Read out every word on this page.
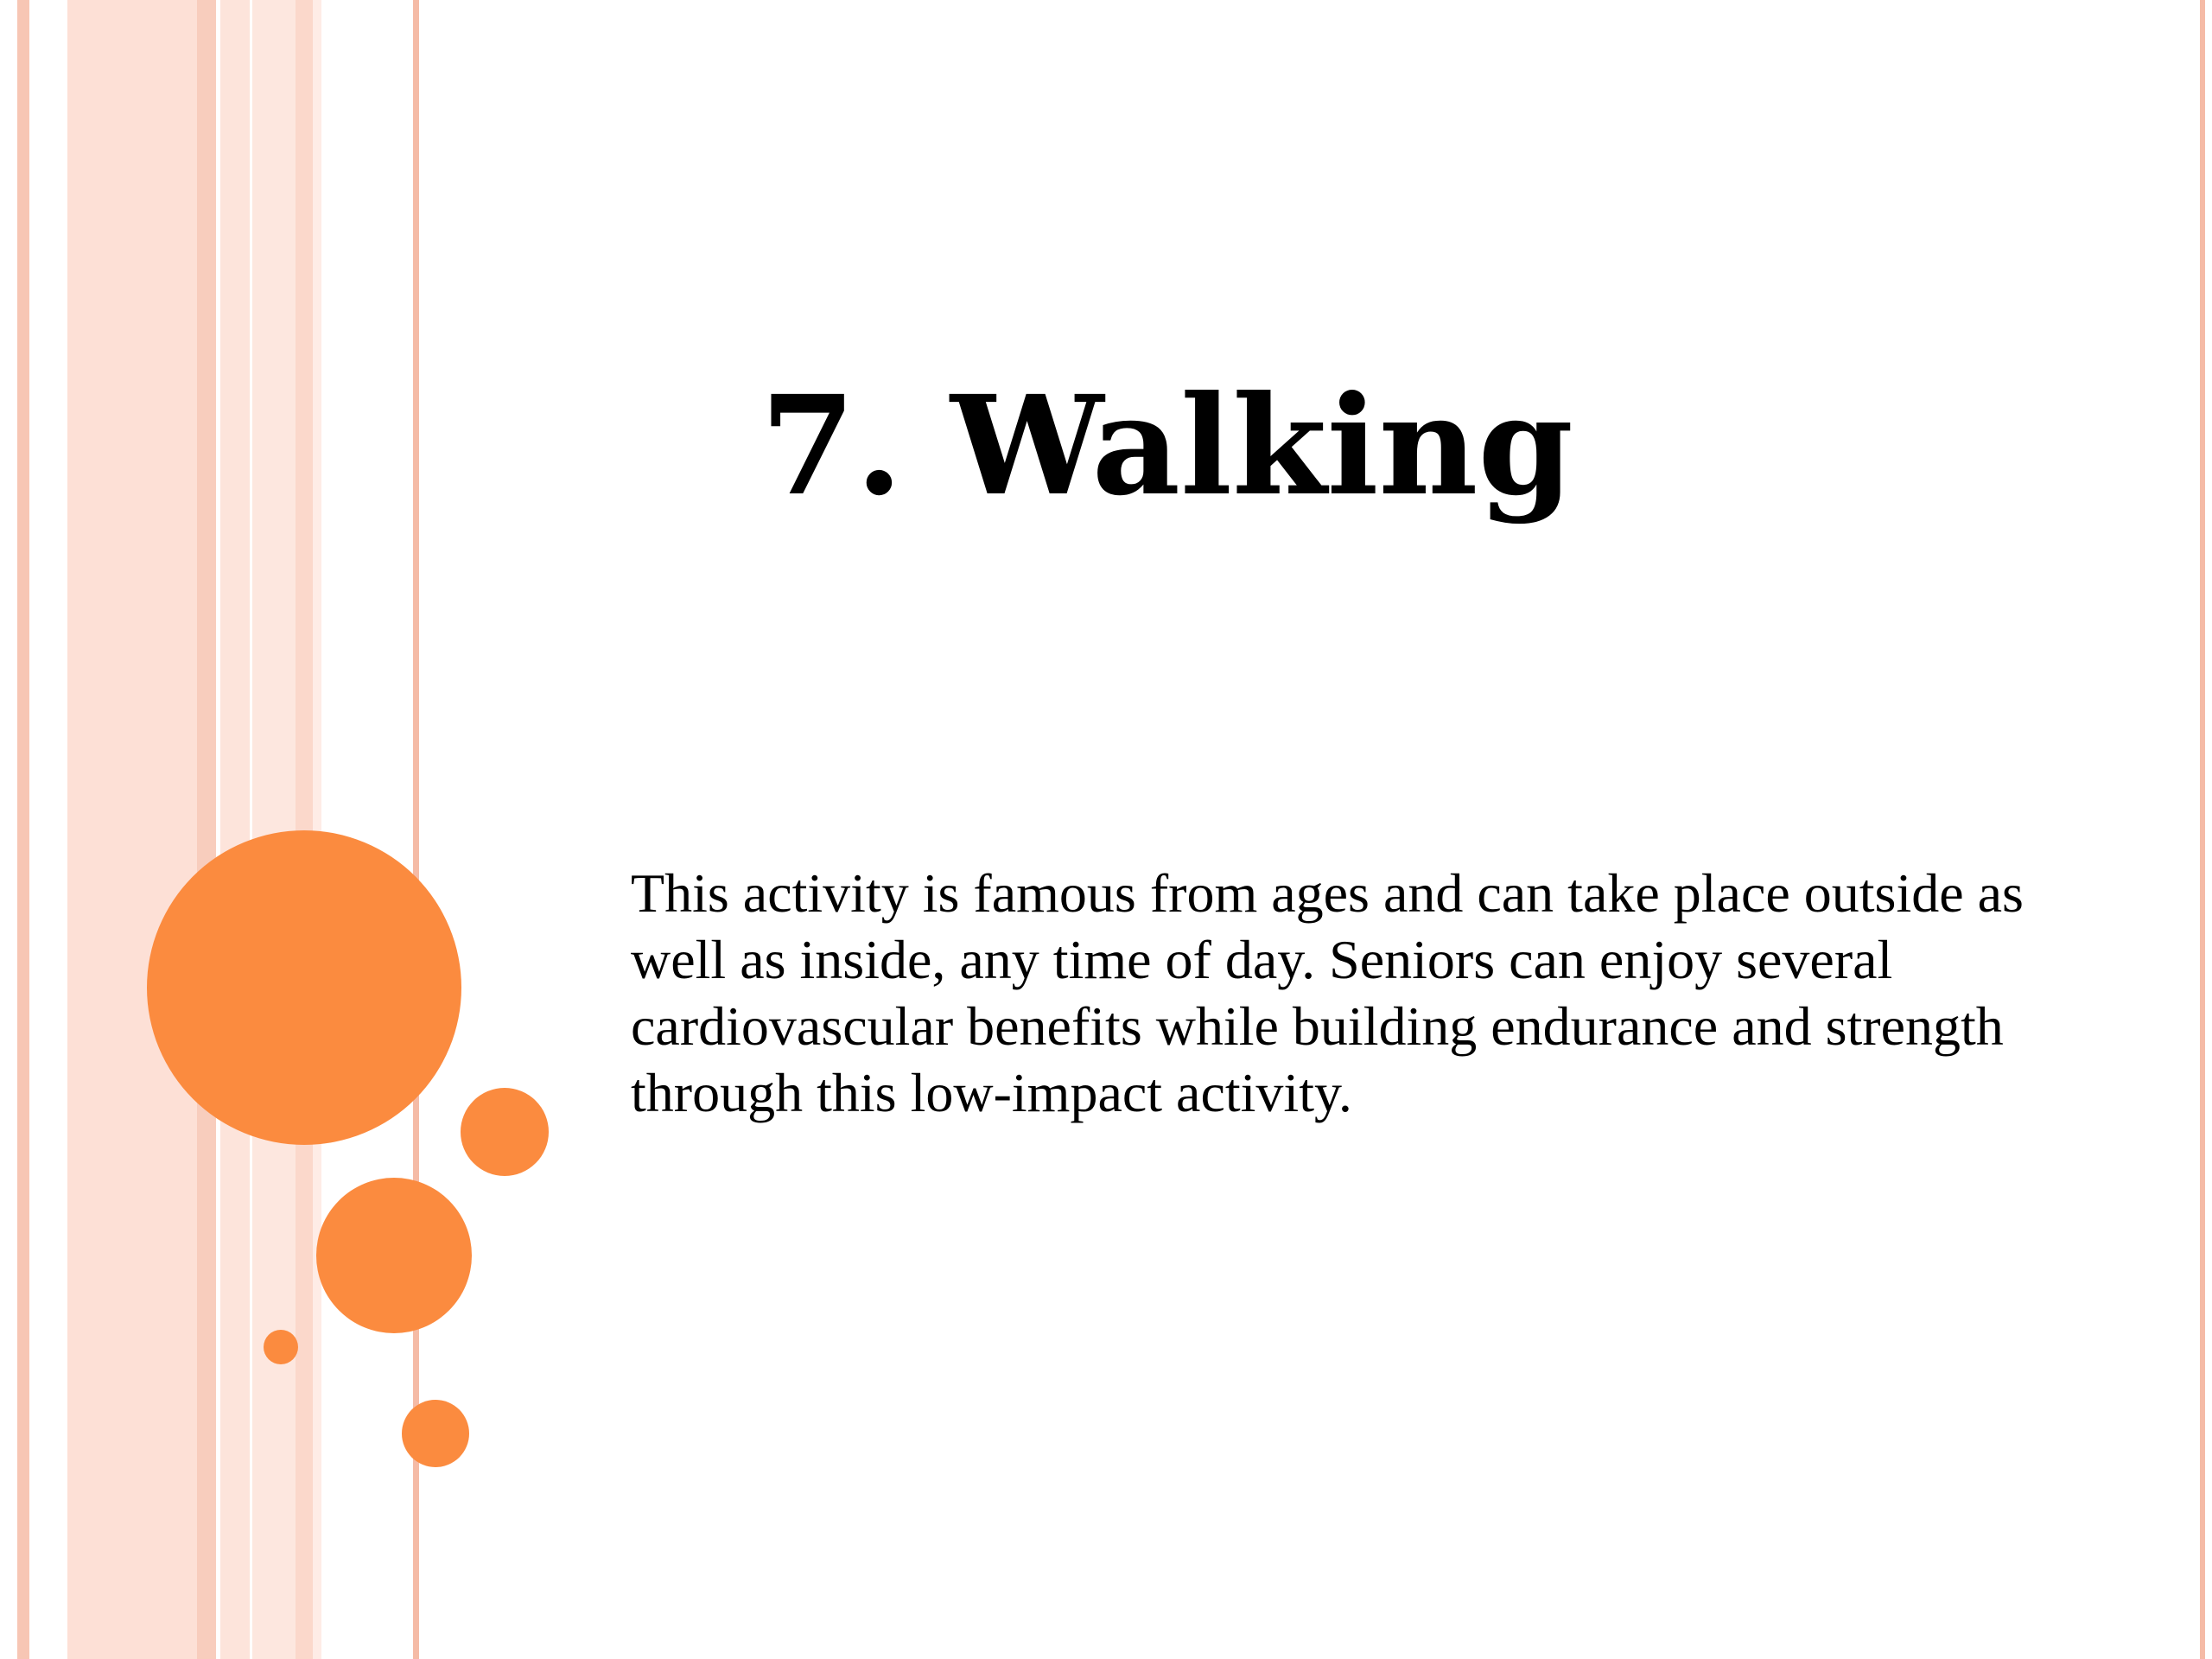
7. Walking

This activity is famous from ages and can take place outside as well as inside, any time of day. Seniors can enjoy several cardiovascular benefits while building endurance and strength through this low-impact activity.
